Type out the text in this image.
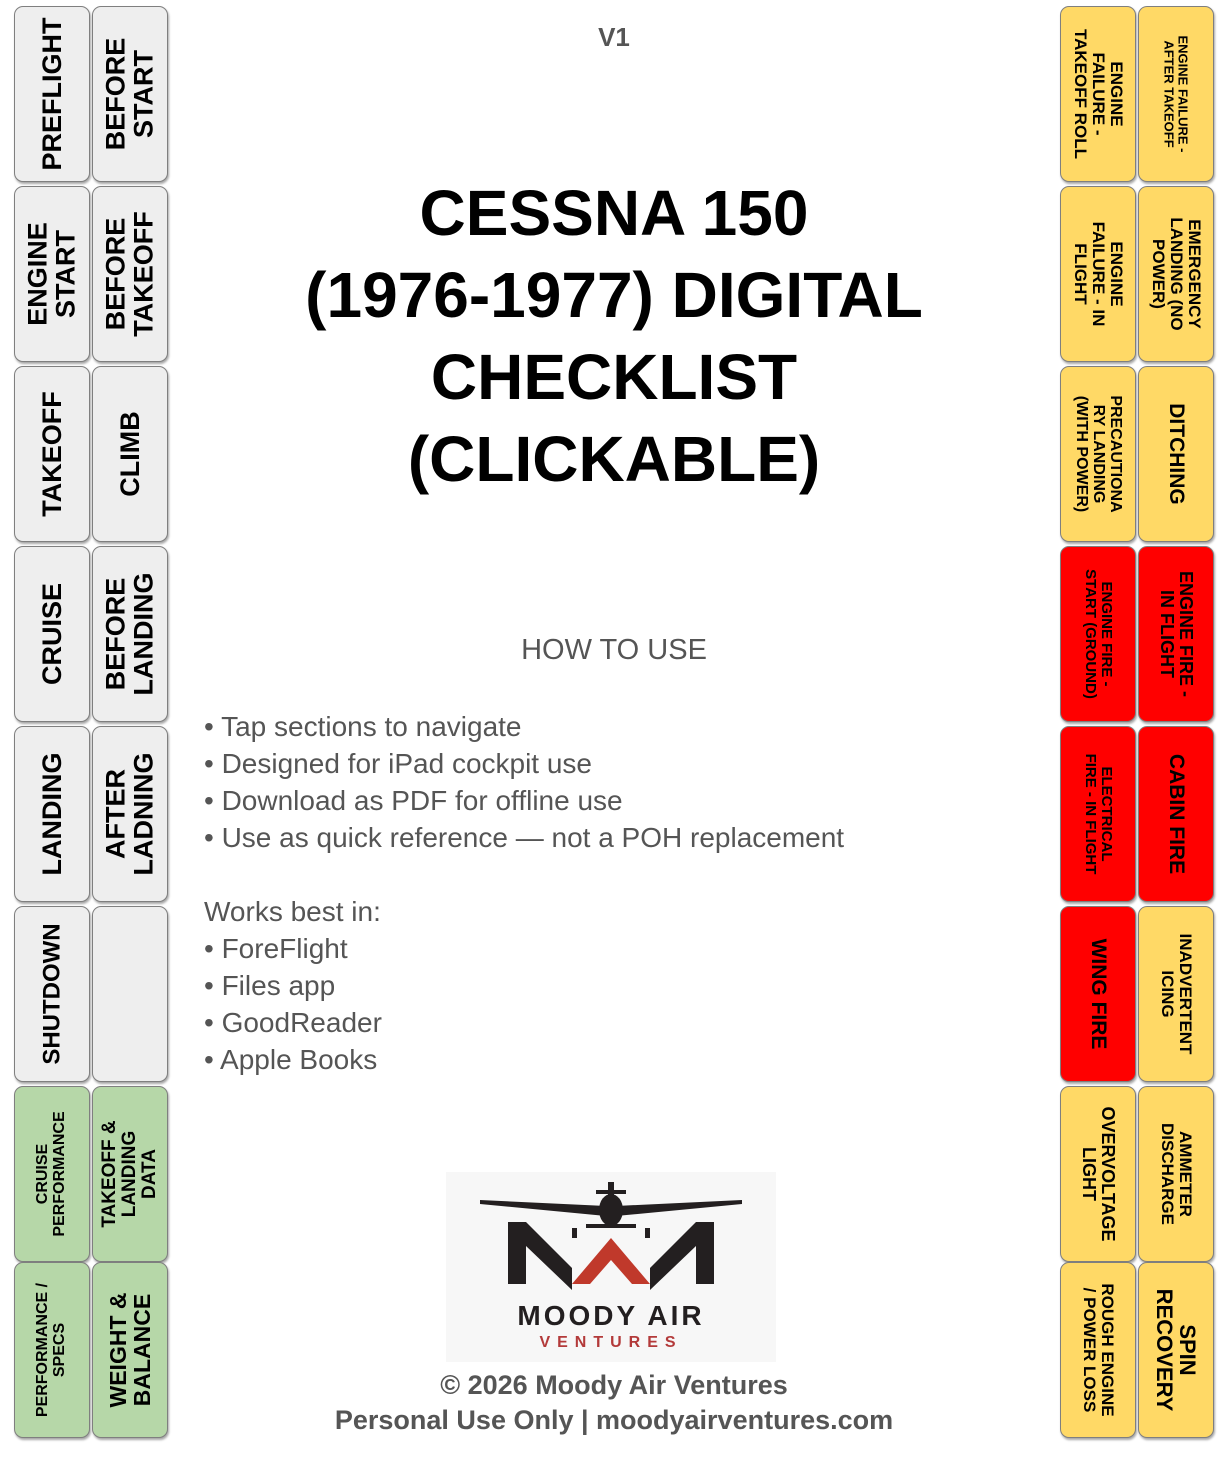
PREFLIGHT
ENGINE
START
TAKEOFF
CRUISE
LANDING
SHUTDOWN
CRUISE
PERFORMANCE
PERFORMANCE /
SPECS
BEFORE
START
BEFORE
TAKEOFF
CLIMB
BEFORE
LANDING
AFTER
LADNING
TAKEOFF &
LANDING
DATA
WEIGHT &
BALANCE
ENGINE
FAILURE -
TAKEOFF ROLL
ENGINE
FAILURE - IN
FLIGHT
PRECAUTIONA
RY LANDING
(WITH POWER)
ENGINE FIRE -
START (GROUND)
ELECTRICAL
FIRE - IN FLIGHT
WING FIRE
OVERVOLTAGE
LIGHT
ROUGH ENGINE
/ POWER LOSS
ENGINE FAILURE -
AFTER TAKEOFF
EMERGENCY
LANDING (NO
POWER)
DITCHING
ENGINE FIRE -
IN FLIGHT
CABIN FIRE
INADVERTENT
ICING
AMMETER
DISCHARGE
SPIN
RECOVERY
V1
CESSNA 150
(1976-1977) DIGITAL
CHECKLIST
(CLICKABLE)
HOW TO USE
• Tap sections to navigate
• Designed for iPad cockpit use
• Download as PDF for offline use
• Use as quick reference — not a POH replacement
Works best in:
• ForeFlight
• Files app
• GoodReader
• Apple Books
MOODY AIR
VENTURES
© 2026 Moody Air Ventures
Personal Use Only | moodyairventures.com
